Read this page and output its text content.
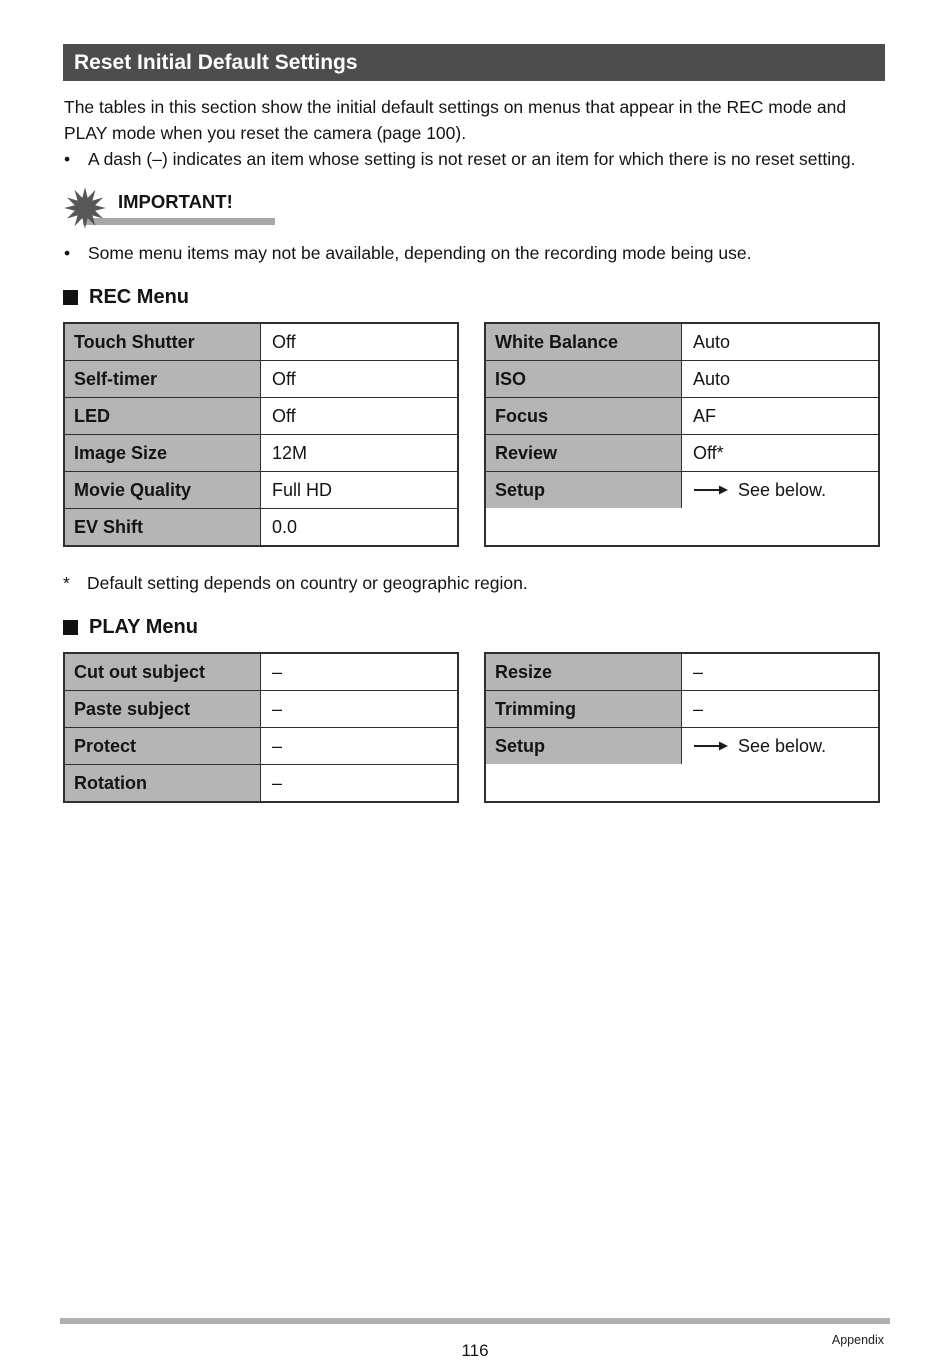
Reset Initial Default Settings

The tables in this section show the initial default settings on menus that appear in the REC mode and PLAY mode when you reset the camera (page 100).

•	A dash (–) indicates an item whose setting is not reset or an item for which there is no reset setting.
IMPORTANT!
•	Some menu items may not be available, depending on the recording mode being use.
REC Menu
Touch Shutter	Off
Self-timer	Off
LED	Off
Image Size	12M
Movie Quality	Full HD
EV Shift	0.0
White Balance	Auto
ISO	Auto
Focus	AF
Review	Off*
Setup	See below.
* Default setting depends on country or geographic region.
PLAY Menu
Cut out subject	–
Paste subject	–
Protect	–
Rotation	–
Resize	–
Trimming	–
Setup	See below.
Appendix
116
